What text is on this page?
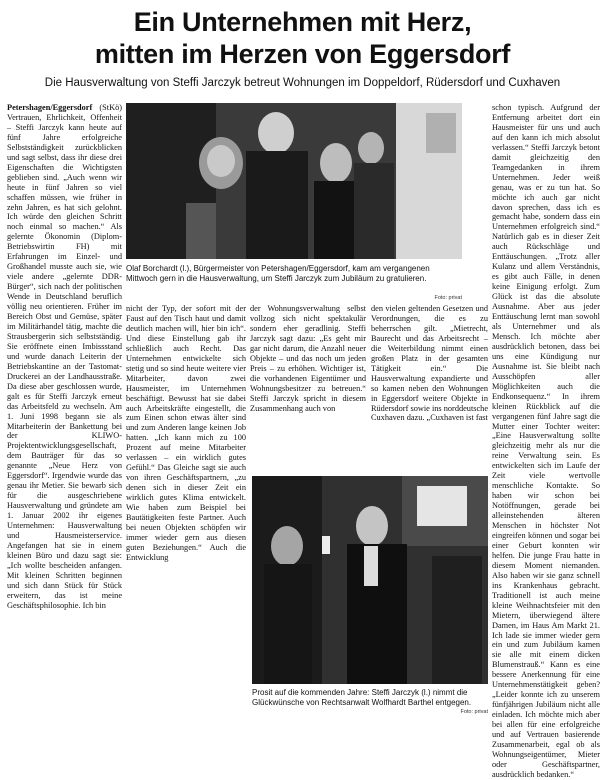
Ein Unternehmen mit Herz,
mitten im Herzen von Eggersdorf

Die Hausverwaltung von Steffi Jarczyk betreut Wohnungen im Doppeldorf, Rüdersdorf und Cuxhaven

Petershagen/Eggersdorf (StKö) Vertrauen, Ehrlichkeit, Offenheit – Steffi Jarczyk kann heute auf fünf Jahre erfolgreiche Selbstständigkeit zurückblicken und sagt selbst, dass ihr diese drei Eigenschaften die Wichtigsten geblieben sind. „Auch wenn wir heute in fünf Jahren so viel schaffen müssen, wie früher in zehn Jahren, es hat sich gelohnt. Ich würde den gleichen Schritt noch einmal so machen.“ Als gelernte Ökonomin (Diplom-Betriebswirtin FH) mit Erfahrungen im Einzel- und Großhandel musste auch sie, wie viele andere „gelernte DDR-Bürger“, sich nach der politischen Wende in Deutschland beruflich völlig neu orientieren. Früher im Bereich Obst und Gemüse, später im Militärhandel tätig, machte die Strausbergerin sich selbstständig. Sie eröffnete einen Imbissstand und wurde danach Leiterin der Betriebskantine an der Tastomat-Druckerei an der Landhausstraße. Da diese aber geschlossen wurde, galt es für Steffi Jarczyk erneut das Arbeitsfeld zu wechseln. Am 1. Juni 1998 begann sie als Mitarbeiterin der Bankettung bei der KLIWO-Projektentwicklungsgesellschaft, dem Bauträger für das so genannte „Neue Herz von Eggersdorf“. Irgendwie wurde das genau ihr Metier. Sie bewarb sich für die ausgeschriebene Hausverwaltung und gründete am 1. Januar 2002 ihr eigenes Unternehmen: Hausverwaltung und Hausmeisterservice. Angefangen hat sie in einem kleinen Büro und dazu sagt sie: „Ich wollte bescheiden anfangen. Mit kleinen Schritten beginnen und sich dann Stück für Stück erweitern, das ist meine Geschäftsphilosophie. Ich bin

Olaf Borchardt (l.), Bürgermeister von Petershagen/Eggersdorf, kam am vergangenen Mittwoch gern in die Hausverwaltung, um Steffi Jarczyk zum Jubiläum zu gratulieren.

Foto: privat

nicht der Typ, der sofort mit der Faust auf den Tisch haut und damit deutlich machen will, hier bin ich“. Und diese Einstellung gab ihr schließlich auch Recht. Das Unternehmen entwickelte sich stetig und so sind heute weitere vier Mitarbeiter, davon zwei Hausmeister, im Unternehmen beschäftigt. Bewusst hat sie dabei auch Arbeitskräfte eingestellt, die zum Einen schon etwas älter sind und zum Anderen lange keinen Job hatten. „Ich kann mich zu 100 Prozent auf meine Mitarbeiter verlassen – ein wirklich gutes Gefühl.“ Das Gleiche sagt sie auch von ihren Geschäftspartnern, „zu denen sich in dieser Zeit ein wirklich gutes Klima entwickelt. Wie haben zum Beispiel bei Bautätigkeiten feste Partner. Auch bei neuen Objekten schöpfen wir immer wieder gern aus diesen guten Beziehungen.“ Auch die Entwicklung

der Wohnungsverwaltung selbst vollzog sich nicht spektakulär sondern eher geradlinig. Steffi Jarczyk sagt dazu: „Es geht mir gar nicht darum, die Anzahl neuer Objekte – und das noch um jeden Preis – zu erhöhen. Wichtiger ist, die vorhandenen Eigentümer und Wohnungsbesitzer zu betreuen.“ Steffi Jarczyk spricht in diesem Zusammenhang auch von

den vielen geltenden Gesetzen und Verordnungen, die es zu beherrschen gilt. „Mietrecht, Baurecht und das Arbeitsrecht – die Weiterbildung nimmt einen großen Platz in der gesamten Tätigkeit ein.“ Die Hausverwaltung expandierte und so kamen neben den Wohnungen in Eggersdorf weitere Objekte in Rüdersdorf sowie ins norddeutsche Cuxhaven dazu. „Cuxhaven ist fast

schon typisch. Aufgrund der Entfernung arbeitet dort ein Hausmeister für uns und auch auf den kann ich mich absolut verlassen.“ Steffi Jarczyk betont damit gleichzeitig den Teamgedanken in ihrem Unternehmen. Jeder weiß genau, was er zu tun hat. So möchte ich auch gar nicht davon sprechen, dass ich es gemacht habe, sondern dass ein Unternehmen erfolgreich sind.“ Natürlich gab es in dieser Zeit auch Rückschläge und Enttäuschungen. „Trotz aller Kulanz und allem Verständnis, es gibt auch Fälle, in denen keine Einigung erfolgt. Zum Glück ist das die absolute Ausnahme. Aber aus jeder Enttäuschung lernt man sowohl als Unternehmer und als Mensch. Ich möchte aber ausdrücklich betonen, dass bei uns eine Kündigung nur Ausnahme ist. Sie bleibt nach Ausschöpfen aller Möglichkeiten auch die Endkonsequenz.“ In ihrem kleinen Rückblick auf die vergangenen fünf Jahre sagt die Mutter einer Tochter weiter: „Eine Hausverwaltung sollte gleichzeitig mehr als nur die reine Verwaltung sein. Es entwickelten sich im Laufe der Zeit viele wertvolle menschliche Kontakte. So haben wir schon bei Notöffnungen, gerade bei alleinstehenden älteren Menschen in höchster Not eingreifen können und sogar bei einer Geburt konnten wir helfen. Die junge Frau hatte in diesem Moment niemanden. Also haben wir sie ganz schnell ins Krankenhaus gebracht. Traditionell ist auch meine kleine Weihnachtsfeier mit den Mietern, überwiegend ältere Damen, im Haus Am Markt 21. Ich lade sie immer wieder gern ein und zum Jubiläum kamen sie alle mit einem dicken Blumenstrauß.“ Kann es eine bessere Anerkennung für eine Unternehmenstätigkeit geben? „Leider konnte ich zu unserem fünfjährigen Jubiläum nicht alle einladen. Ich möchte mich aber bei allen für eine erfolgreiche und auf Vertrauen basierende Zusammenarbeit, egal ob als Wohnungseigentümer, Mieter oder Geschäftspartner, ausdrücklich bedanken.“

Prosit auf die kommenden Jahre: Steffi Jarczyk (l.) nimmt die Glückwünsche von Rechtsanwalt Wolfhardt Barthel entgegen.

Foto: privat
